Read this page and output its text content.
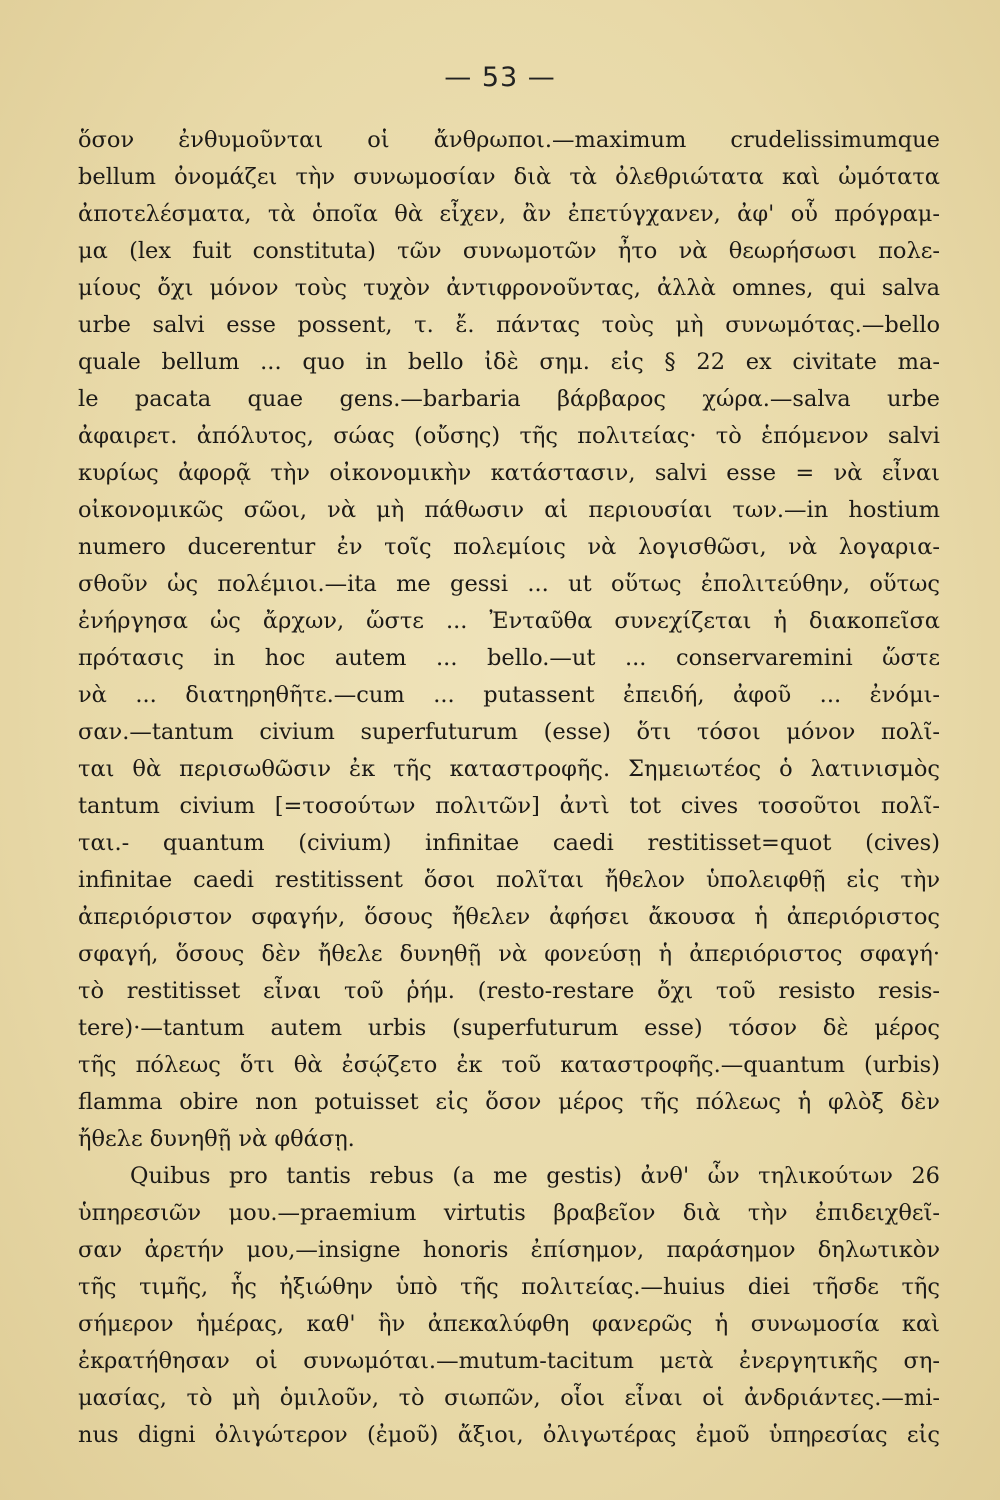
— 53 —
ὅσον ἐνθυμοῦνται οἱ ἄνθρωποι.—maximum crudelissimumque
bellum ὀνομάζει τὴν συνωμοσίαν διὰ τὰ ὀλεθριώτατα καὶ ὠμότατα
ἀποτελέσματα, τὰ ὁποῖα θὰ εἶχεν, ἂν ἐπετύγχανεν, ἀφ' οὗ πρόγραμ-
μα (lex fuit constituta) τῶν συνωμοτῶν ἦτο νὰ θεωρήσωσι πολε-
μίους ὄχι μόνον τοὺς τυχὸν ἀντιφρονοῦντας, ἀλλὰ omnes, qui salva
urbe salvi esse possent, τ. ἔ. πάντας τοὺς μὴ συνωμότας.—bello
quale bellum ... quo in bello ἰδὲ σημ. εἰς § 22 ex civitate ma-
le pacata quae gens.—barbaria βάρβαρος χώρα.—salva urbe
ἀφαιρετ. ἀπόλυτος, σώας (οὔσης) τῆς πολιτείας· τὸ ἑπόμενον salvi
κυρίως ἀφορᾷ τὴν οἰκονομικὴν κατάστασιν, salvi esse = νὰ εἶναι
οἰκονομικῶς σῶοι, νὰ μὴ πάθωσιν αἱ περιουσίαι των.—in hostium
numero ducerentur ἐν τοῖς πολεμίοις νὰ λογισθῶσι, νὰ λογαρια-
σθοῦν ὡς πολέμιοι.—ita me gessi ... ut οὕτως ἐπολιτεύθην, οὕτως
ἐνήργησα ὡς ἄρχων, ὥστε ... Ἐνταῦθα συνεχίζεται ἡ διακοπεῖσα
πρότασις in hoc autem ... bello.—ut ... conservaremini ὥστε
νὰ ... διατηρηθῆτε.—cum ... putassent ἐπειδή, ἀφοῦ ... ἐνόμι-
σαν.—tantum civium superfuturum (esse) ὅτι τόσοι μόνον πολῖ-
ται θὰ περισωθῶσιν ἐκ τῆς καταστροφῆς. Σημειωτέος ὁ λατινισμὸς
tantum civium [=τοσούτων πολιτῶν] ἀντὶ tot cives τοσοῦτοι πολῖ-
ται.- quantum (civium) infinitae caedi restitisset=quot (cives)
infinitae caedi restitissent ὅσοι πολῖται ἤθελον ὑπολειφθῇ εἰς τὴν
ἀπεριόριστον σφαγήν, ὅσους ἤθελεν ἀφήσει ἄκουσα ἡ ἀπεριόριστος
σφαγή, ὅσους δὲν ἤθελε δυνηθῇ νὰ φονεύσῃ ἡ ἀπεριόριστος σφαγή·
τὸ restitisset εἶναι τοῦ ῥήμ. (resto-restare ὄχι τοῦ resisto resis-
tere)·—tantum autem urbis (superfuturum esse) τόσον δὲ μέρος
τῆς πόλεως ὅτι θὰ ἐσῴζετο ἐκ τοῦ καταστροφῆς.—quantum (urbis)
flamma obire non potuisset εἰς ὅσον μέρος τῆς πόλεως ἡ φλὸξ δὲν
ἤθελε δυνηθῇ νὰ φθάσῃ.
Quibus pro tantis rebus (a me gestis) ἀνθ' ὧν τηλικούτων 26
ὑπηρεσιῶν μου.—praemium virtutis βραβεῖον διὰ τὴν ἐπιδειχθεῖ-
σαν ἀρετήν μου,—insigne honoris ἐπίσημον, παράσημον δηλωτικὸν
τῆς τιμῆς, ἧς ἠξιώθην ὑπὸ τῆς πολιτείας.—huius diei τῆσδε τῆς
σήμερον ἡμέρας, καθ' ἣν ἀπεκαλύφθη φανερῶς ἡ συνωμοσία καὶ
ἐκρατήθησαν οἱ συνωμόται.—mutum-tacitum μετὰ ἐνεργητικῆς ση-
μασίας, τὸ μὴ ὁμιλοῦν, τὸ σιωπῶν, οἷοι εἶναι οἱ ἀνδριάντες.—mi-
nus digni ὀλιγώτερον (ἐμοῦ) ἄξιοι, ὀλιγωτέρας ἐμοῦ ὑπηρεσίας εἰς
